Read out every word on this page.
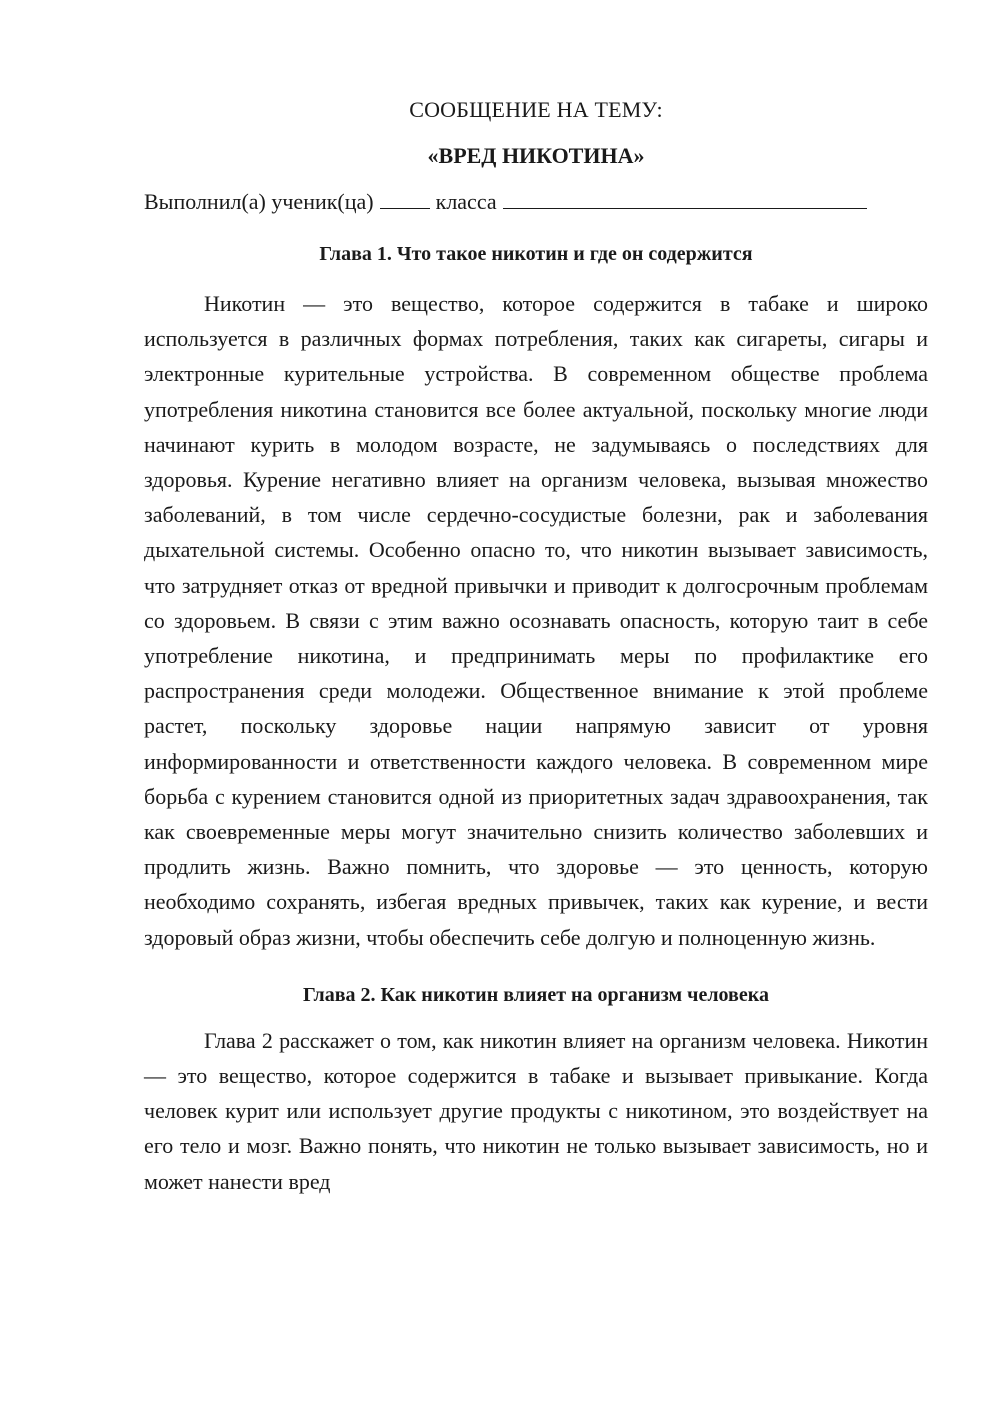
СООБЩЕНИЕ НА ТЕМУ:

«ВРЕД НИКОТИНА»

Выполнил(а) ученик(ца)	класса

Глава 1. Что такое никотин и где он содержится

Никотин — это вещество, которое содержится в табаке и широко используется в различных формах потребления, таких как сигареты, сигары и электронные курительные устройства. В современном обществе проблема употребления никотина становится все более актуальной, поскольку многие люди начинают курить в молодом возрасте, не задумываясь о последствиях для здоровья. Курение негативно влияет на организм человека, вызывая множество заболеваний, в том числе сердечно-сосудистые болезни, рак и заболевания дыхательной системы. Особенно опасно то, что никотин вызывает зависимость, что затрудняет отказ от вредной привычки и приводит к долгосрочным проблемам со здоровьем. В связи с этим важно осознавать опасность, которую таит в себе употребление никотина, и предпринимать меры по профилактике его распространения среди молодежи. Общественное внимание к этой проблеме растет, поскольку здоровье нации напрямую зависит от уровня информированности и ответственности каждого человека. В современном мире борьба с курением становится одной из приоритетных задач здравоохранения, так как своевременные меры могут значительно снизить количество заболевших и продлить жизнь. Важно помнить, что здоровье — это ценность, которую необходимо сохранять, избегая вредных привычек, таких как курение, и вести здоровый образ жизни, чтобы обеспечить себе долгую и полноценную жизнь.

Глава 2. Как никотин влияет на организм человека

Глава 2 расскажет о том, как никотин влияет на организм человека. Никотин — это вещество, которое содержится в табаке и вызывает привыкание. Когда человек курит или использует другие продукты с никотином, это воздействует на его тело и мозг. Важно понять, что никотин не только вызывает зависимость, но и может нанести вред
